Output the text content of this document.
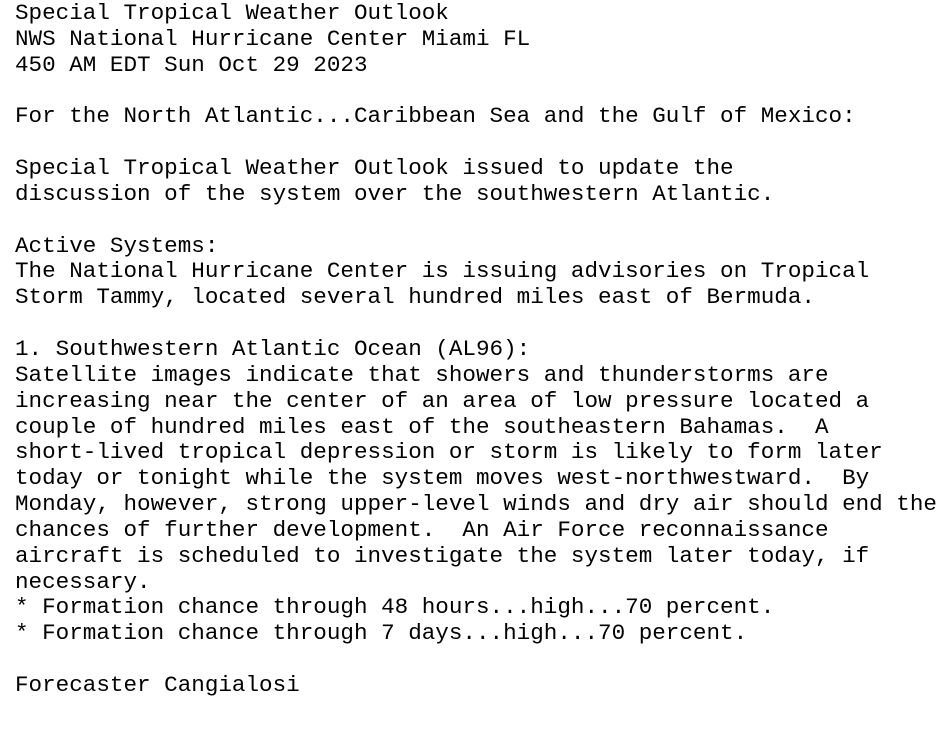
Special Tropical Weather Outlook
NWS National Hurricane Center Miami FL
450 AM EDT Sun Oct 29 2023
For the North Atlantic...Caribbean Sea and the Gulf of Mexico:
Special Tropical Weather Outlook issued to update the
discussion of the system over the southwestern Atlantic.
Active Systems:
The National Hurricane Center is issuing advisories on Tropical
Storm Tammy, located several hundred miles east of Bermuda.
1. Southwestern Atlantic Ocean (AL96):
Satellite images indicate that showers and thunderstorms are
increasing near the center of an area of low pressure located a
couple of hundred miles east of the southeastern Bahamas.  A
short-lived tropical depression or storm is likely to form later
today or tonight while the system moves west-northwestward.  By
Monday, however, strong upper-level winds and dry air should end the
chances of further development.  An Air Force reconnaissance
aircraft is scheduled to investigate the system later today, if
necessary.
* Formation chance through 48 hours...high...70 percent.
* Formation chance through 7 days...high...70 percent.
Forecaster Cangialosi
